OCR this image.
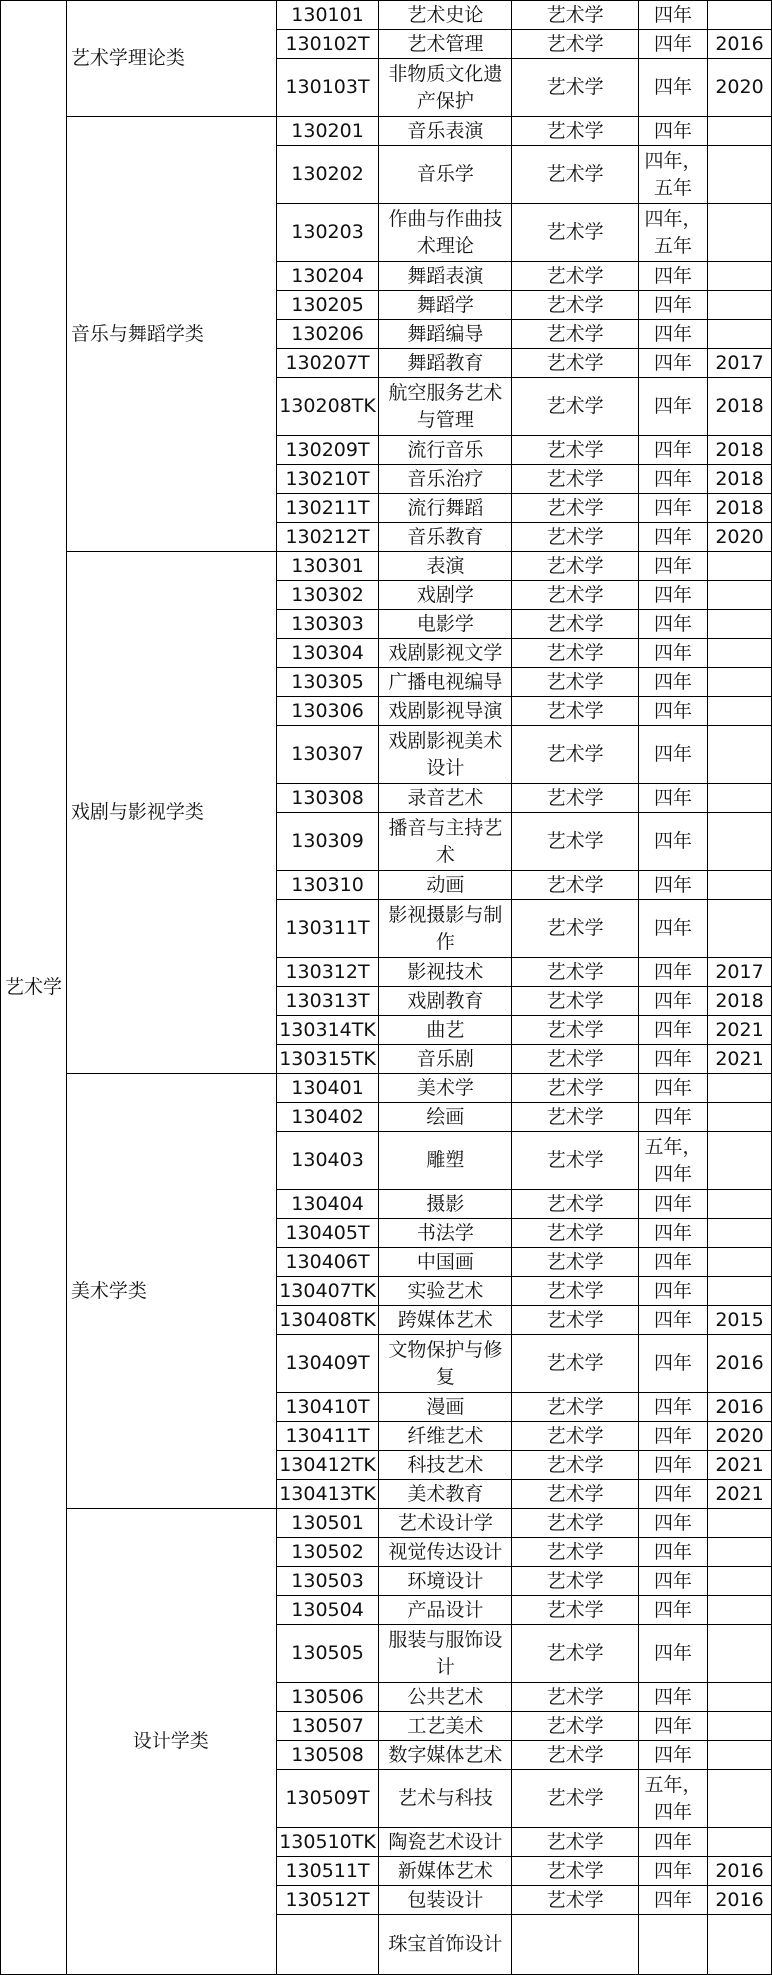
艺术学	艺术学理论类	130101	艺术史论	艺术学	四年	
		130102T	艺术管理	艺术学	四年	2016
		130103T	非物质文化遗产保护	艺术学	四年	2020
	音乐与舞蹈学类	130201	音乐表演	艺术学	四年	
		130202	音乐学	艺术学	四年，五年	
		130203	作曲与作曲技术理论	艺术学	四年，五年	
		130204	舞蹈表演	艺术学	四年	
		130205	舞蹈学	艺术学	四年	
		130206	舞蹈编导	艺术学	四年	
		130207T	舞蹈教育	艺术学	四年	2017
		130208TK	航空服务艺术与管理	艺术学	四年	2018
		130209T	流行音乐	艺术学	四年	2018
		130210T	音乐治疗	艺术学	四年	2018
		130211T	流行舞蹈	艺术学	四年	2018
		130212T	音乐教育	艺术学	四年	2020
	戏剧与影视学类	130301	表演	艺术学	四年	
		130302	戏剧学	艺术学	四年	
		130303	电影学	艺术学	四年	
		130304	戏剧影视文学	艺术学	四年	
		130305	广播电视编导	艺术学	四年	
		130306	戏剧影视导演	艺术学	四年	
		130307	戏剧影视美术设计	艺术学	四年	
		130308	录音艺术	艺术学	四年	
		130309	播音与主持艺术	艺术学	四年	
		130310	动画	艺术学	四年	
		130311T	影视摄影与制作	艺术学	四年	
		130312T	影视技术	艺术学	四年	2017
		130313T	戏剧教育	艺术学	四年	2018
		130314TK	曲艺	艺术学	四年	2021
		130315TK	音乐剧	艺术学	四年	2021
	美术学类	130401	美术学	艺术学	四年	
		130402	绘画	艺术学	四年	
		130403	雕塑	艺术学	五年，四年	
		130404	摄影	艺术学	四年	
		130405T	书法学	艺术学	四年	
		130406T	中国画	艺术学	四年	
		130407TK	实验艺术	艺术学	四年	
		130408TK	跨媒体艺术	艺术学	四年	2015
		130409T	文物保护与修复	艺术学	四年	2016
		130410T	漫画	艺术学	四年	2016
		130411T	纤维艺术	艺术学	四年	2020
		130412TK	科技艺术	艺术学	四年	2021
		130413TK	美术教育	艺术学	四年	2021
	设计学类	130501	艺术设计学	艺术学	四年	
		130502	视觉传达设计	艺术学	四年	
		130503	环境设计	艺术学	四年	
		130504	产品设计	艺术学	四年	
		130505	服装与服饰设计	艺术学	四年	
		130506	公共艺术	艺术学	四年	
		130507	工艺美术	艺术学	四年	
		130508	数字媒体艺术	艺术学	四年	
		130509T	艺术与科技	艺术学	五年，四年	
		130510TK	陶瓷艺术设计	艺术学	四年	
		130511T	新媒体艺术	艺术学	四年	2016
		130512T	包装设计	艺术学	四年	2016
			珠宝首饰设计			
